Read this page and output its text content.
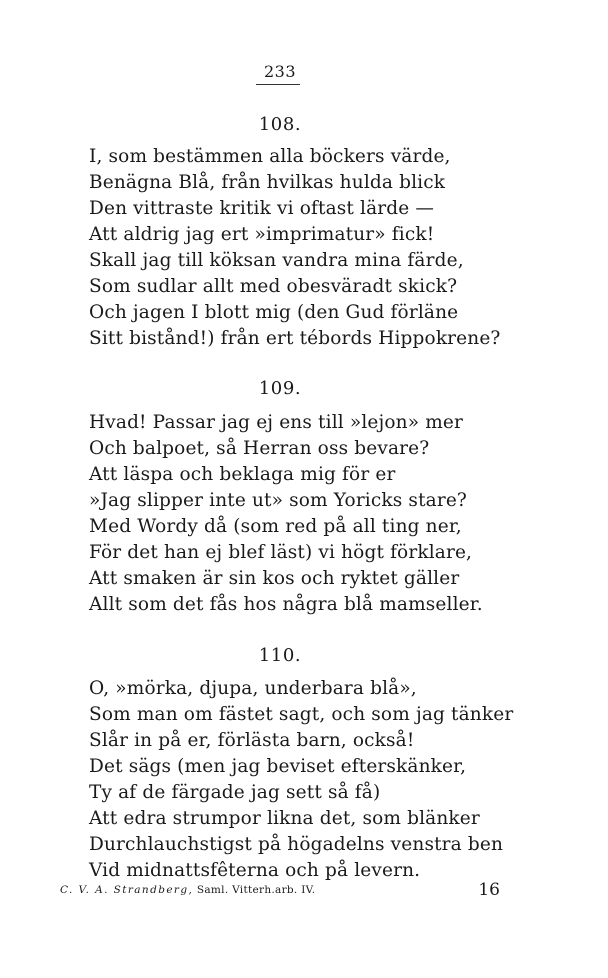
233
108.
I, som bestämmen alla böckers värde,
Benägna Blå, från hvilkas hulda blick
Den vittraste kritik vi oftast lärde —
Att aldrig jag ert »imprimatur» fick!
Skall jag till köksan vandra mina färde,
Som sudlar allt med obesväradt skick?
Och jagen I blott mig (den Gud förläne
Sitt bistånd!) från ert tébords Hippokrene?
109.
Hvad! Passar jag ej ens till »lejon» mer
Och balpoet, så Herran oss bevare?
Att läspa och beklaga mig för er
»Jag slipper inte ut» som Yoricks stare?
Med Wordy då (som red på all ting ner,
För det han ej blef läst) vi högt förklare,
Att smaken är sin kos och ryktet gäller
Allt som det fås hos några blå mamseller.
110.
O, »mörka, djupa, underbara blå»,
Som man om fästet sagt, och som jag tänker
Slår in på er, förlästa barn, också!
Det sägs (men jag beviset efterskänker,
Ty af de färgade jag sett så få)
Att edra strumpor likna det, som blänker
Durchlauchstigst på högadelns venstra ben
Vid midnattsfêterna och på levern.
C. V. A. Strandberg, Saml. Vitterh.arb. IV.	16
